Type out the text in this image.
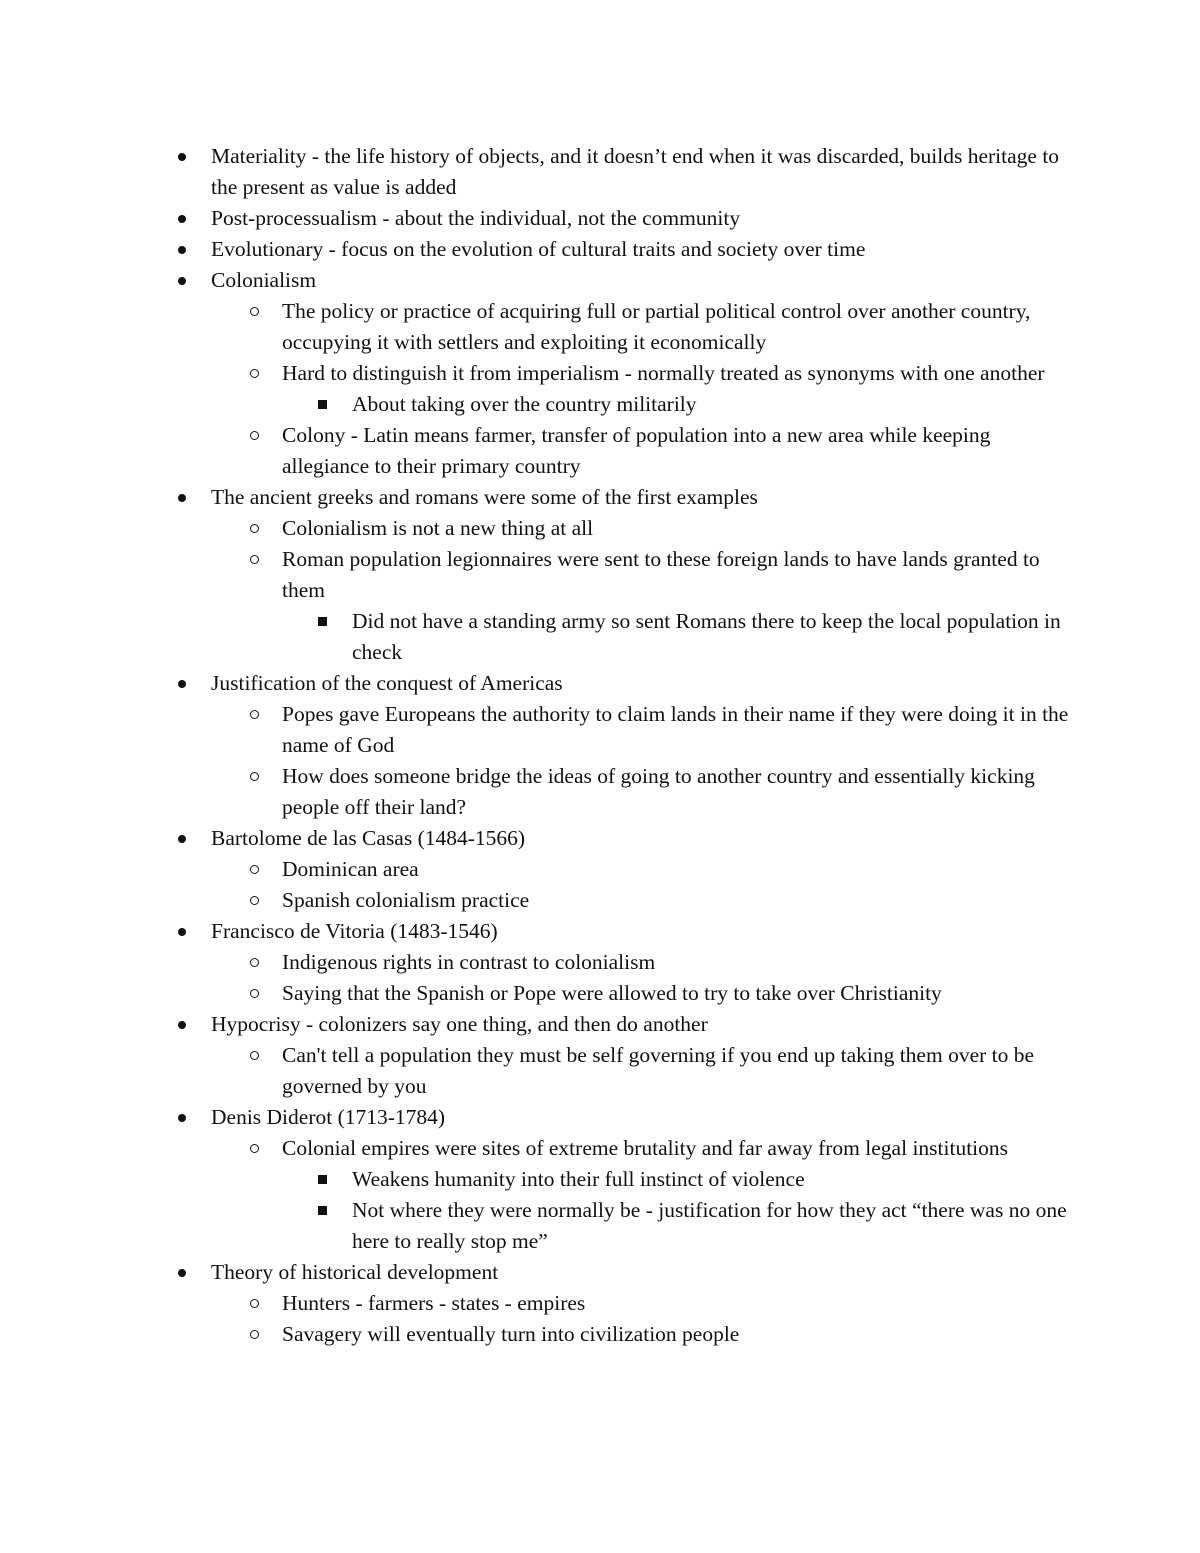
Materiality - the life history of objects, and it doesn’t end when it was discarded, builds heritage to the present as value is added
Post-processualism - about the individual, not the community
Evolutionary - focus on the evolution of cultural traits and society over time
Colonialism
The policy or practice of acquiring full or partial political control over another country, occupying it with settlers and exploiting it economically
Hard to distinguish it from imperialism - normally treated as synonyms with one another
About taking over the country militarily
Colony - Latin means farmer, transfer of population into a new area while keeping allegiance to their primary country
The ancient greeks and romans were some of the first examples
Colonialism is not a new thing at all
Roman population legionnaires were sent to these foreign lands to have lands granted to them
Did not have a standing army so sent Romans there to keep the local population in check
Justification of the conquest of Americas
Popes gave Europeans the authority to claim lands in their name if they were doing it in the name of God
How does someone bridge the ideas of going to another country and essentially kicking people off their land?
Bartolome de las Casas (1484-1566)
Dominican area
Spanish colonialism practice
Francisco de Vitoria (1483-1546)
Indigenous rights in contrast to colonialism
Saying that the Spanish or Pope were allowed to try to take over Christianity
Hypocrisy - colonizers say one thing, and then do another
Can't tell a population they must be self governing if you end up taking them over to be governed by you
Denis Diderot (1713-1784)
Colonial empires were sites of extreme brutality and far away from legal institutions
Weakens humanity into their full instinct of violence
Not where they were normally be - justification for how they act “there was no one here to really stop me”
Theory of historical development
Hunters - farmers - states - empires
Savagery will eventually turn into civilization people
